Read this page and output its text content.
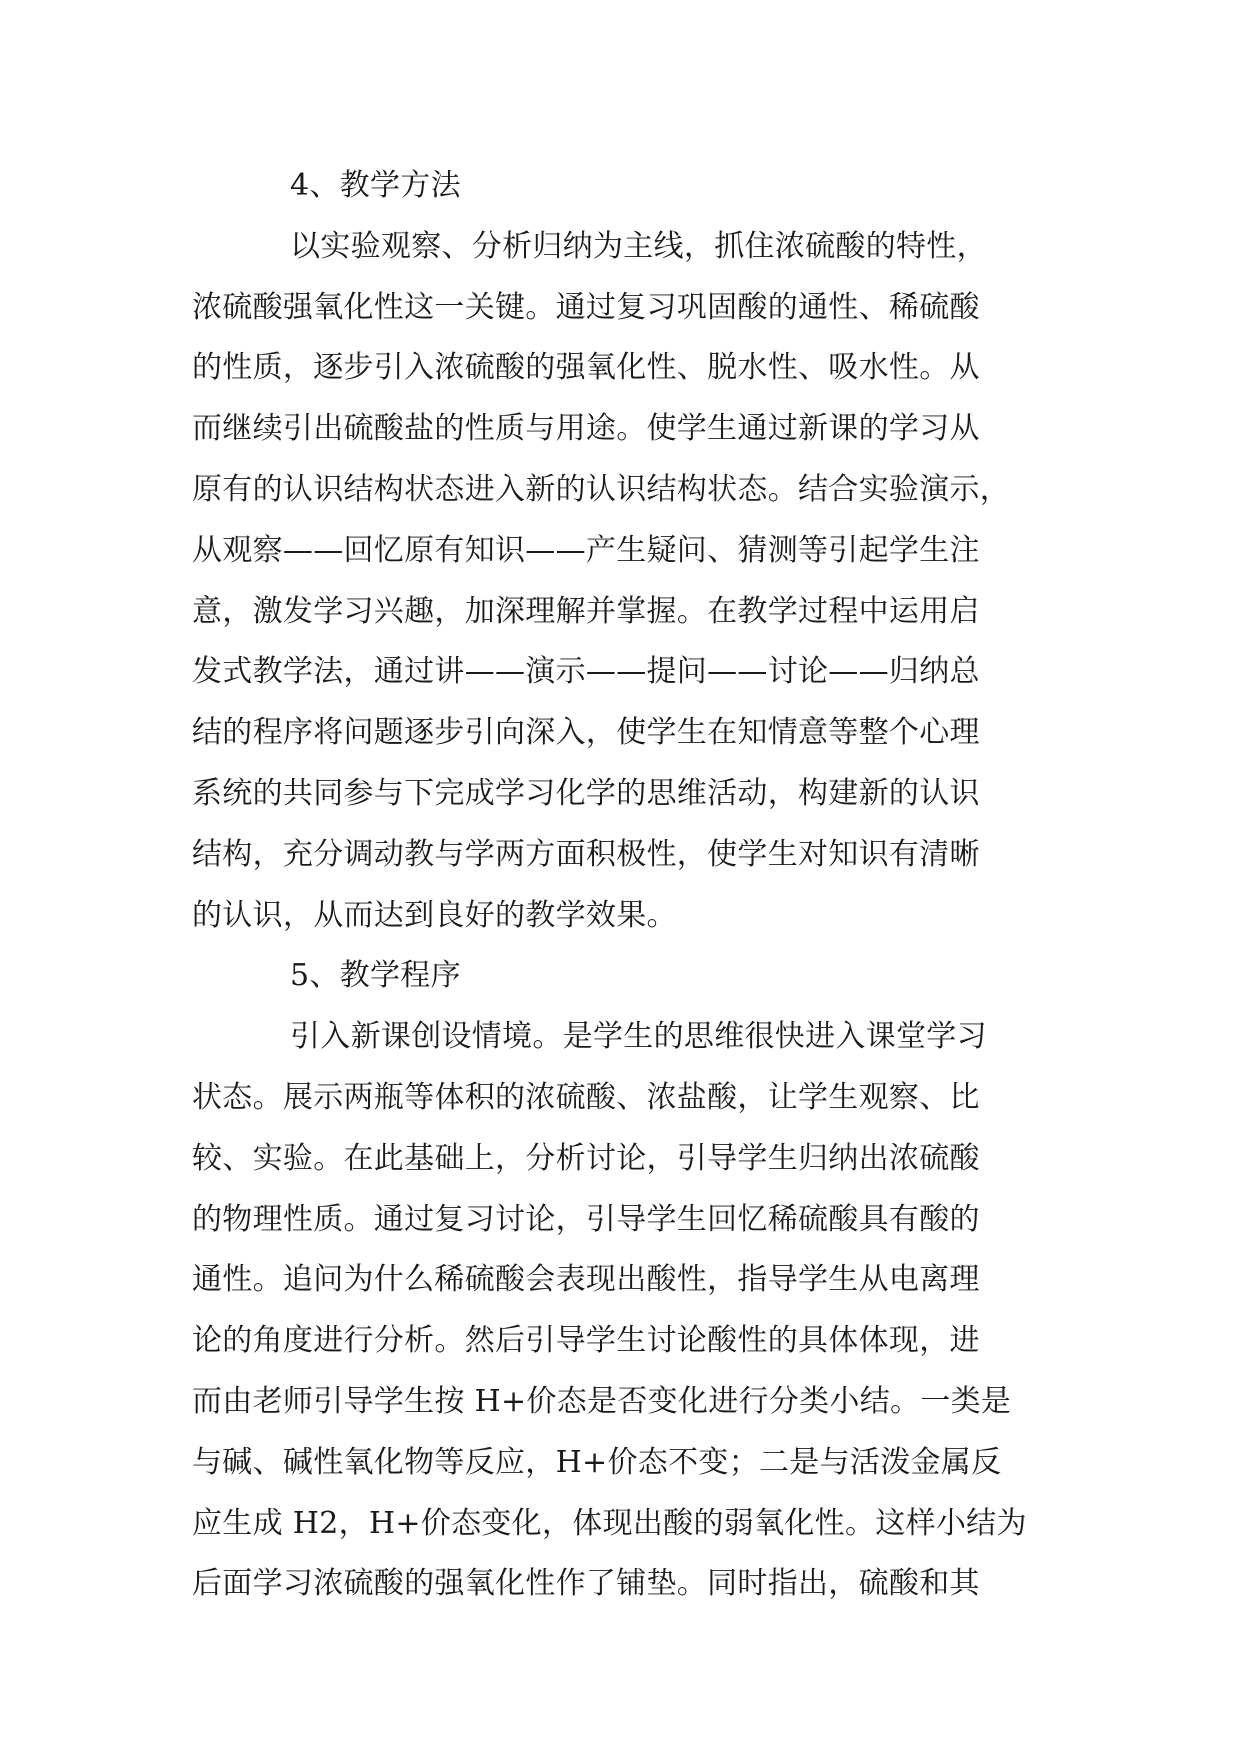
4、教学方法
以实验观察、分析归纳为主线，抓住浓硫酸的特性，
浓硫酸强氧化性这一关键。通过复习巩固酸的通性、稀硫酸
的性质，逐步引入浓硫酸的强氧化性、脱水性、吸水性。从
而继续引出硫酸盐的性质与用途。使学生通过新课的学习从
原有的认识结构状态进入新的认识结构状态。结合实验演示，
从观察——回忆原有知识——产生疑问、猜测等引起学生注
意，激发学习兴趣，加深理解并掌握。在教学过程中运用启
发式教学法，通过讲——演示——提问——讨论——归纳总
结的程序将问题逐步引向深入，使学生在知情意等整个心理
系统的共同参与下完成学习化学的思维活动，构建新的认识
结构，充分调动教与学两方面积极性，使学生对知识有清晰
的认识，从而达到良好的教学效果。
5、教学程序
引入新课创设情境。是学生的思维很快进入课堂学习
状态。展示两瓶等体积的浓硫酸、浓盐酸，让学生观察、比
较、实验。在此基础上，分析讨论，引导学生归纳出浓硫酸
的物理性质。通过复习讨论，引导学生回忆稀硫酸具有酸的
通性。追问为什么稀硫酸会表现出酸性，指导学生从电离理
论的角度进行分析。然后引导学生讨论酸性的具体体现，进
而由老师引导学生按 H+价态是否变化进行分类小结。一类是
与碱、碱性氧化物等反应，H+价态不变；二是与活泼金属反
应生成 H2，H+价态变化，体现出酸的弱氧化性。这样小结为
后面学习浓硫酸的强氧化性作了铺垫。同时指出，硫酸和其
